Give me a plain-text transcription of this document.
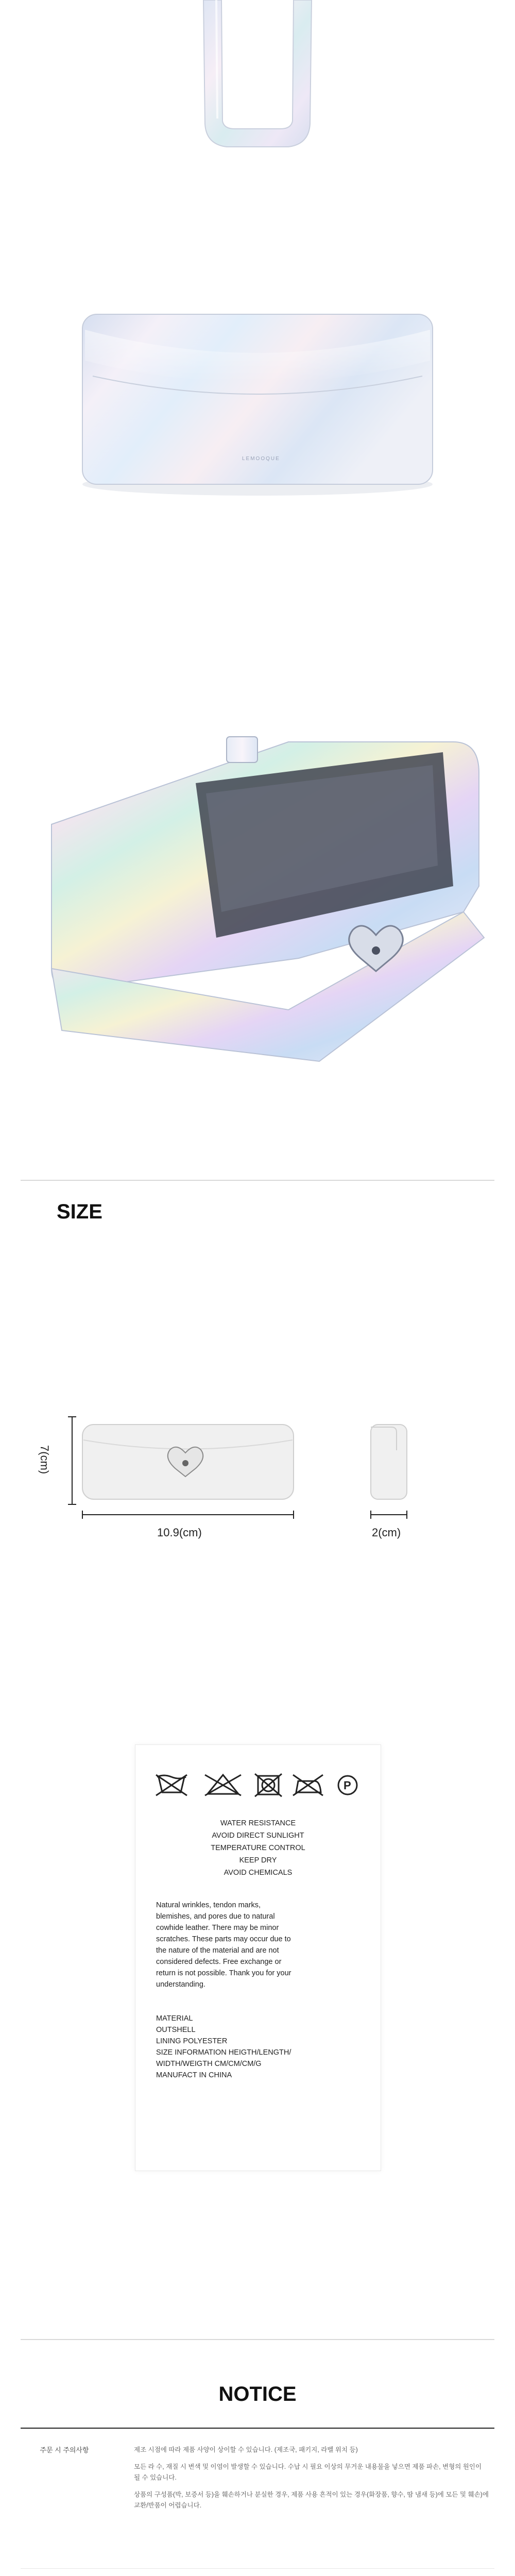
LEMOOQUE
SIZE
7(cm)
10.9(cm)	2(cm)
P
WATER RESISTANCE
AVOID DIRECT SUNLIGHT
TEMPERATURE CONTROL
KEEP DRY
AVOID CHEMICALS
Natural wrinkles, tendon marks,
blemishes, and pores due to natural
cowhide leather. There may be minor
scratches. These parts may occur due to
the nature of the material and are not
considered defects. Free exchange or
return is not possible. Thank you for your
understanding.
MATERIAL
OUTSHELL
LINING POLYESTER
SIZE INFORMATION HEIGTH/LENGTH/
WIDTH/WEIGTH CM/CM/CM/G
MANUFACT IN CHINA
NOTICE
주문 시 주의사항	제조 시점에 따라 제품 사양이 상이할 수 있습니다. (제조국, 패키지, 라벨 위치 등)

모든 라 수, 재질 시 변색 및 이염이 발생할 수 있습니다. 수납 시 필요 이상의 무거운 내용물을 넣으면 제품 파손, 변형의 원인이 될 수 있습니다.

상품의 구성품(박, 보증서 등)을 훼손하거나 분실한 경우, 제품 사용 흔적이 있는 경우(화장품, 향수, 땀 냄새 등)에 모든 및 훼손)에 교환/반품이 어렵습니다.
